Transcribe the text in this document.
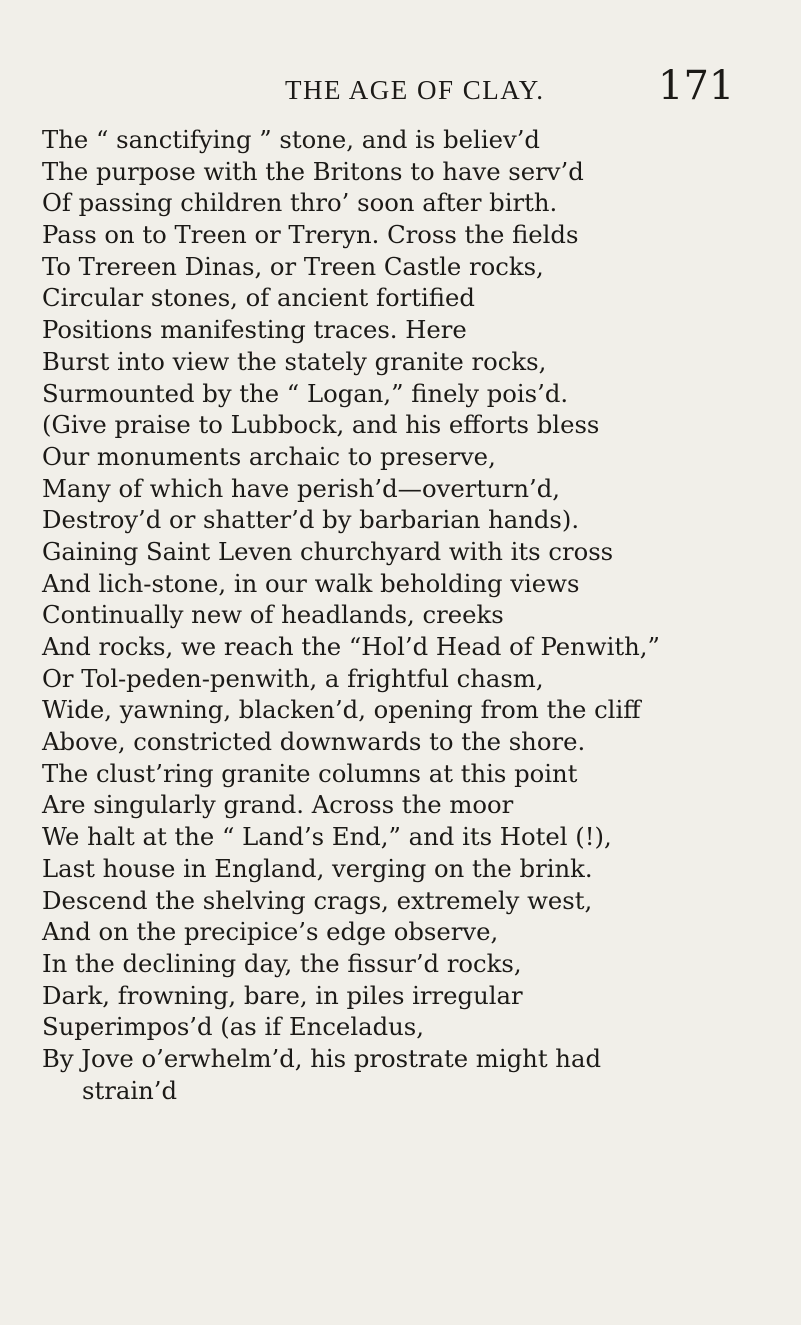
THE AGE OF CLAY.	171
The “ sanctifying ” stone, and is believ’d
The purpose with the Britons to have serv’d
Of passing children thro’ soon after birth.
Pass on to Treen or Treryn. Cross the fields
To Trereen Dinas, or Treen Castle rocks,
Circular stones, of ancient fortified
Positions manifesting traces. Here
Burst into view the stately granite rocks,
Surmounted by the “ Logan,” finely pois’d.
(Give praise to Lubbock, and his efforts bless
Our monuments archaic to preserve,
Many of which have perish’d—overturn’d,
Destroy’d or shatter’d by barbarian hands).
Gaining Saint Leven churchyard with its cross
And lich-stone, in our walk beholding views
Continually new of headlands, creeks
And rocks, we reach the “Hol’d Head of Penwith,”
Or Tol-peden-penwith, a frightful chasm,
Wide, yawning, blacken’d, opening from the cliff
Above, constricted downwards to the shore.
The clust’ring granite columns at this point
Are singularly grand. Across the moor
We halt at the “ Land’s End,” and its Hotel (!),
Last house in England, verging on the brink.
Descend the shelving crags, extremely west,
And on the precipice’s edge observe,
In the declining day, the fissur’d rocks,
Dark, frowning, bare, in piles irregular
Superimpos’d (as if Enceladus,
By Jove o’erwhelm’d, his prostrate might had
strain’d
